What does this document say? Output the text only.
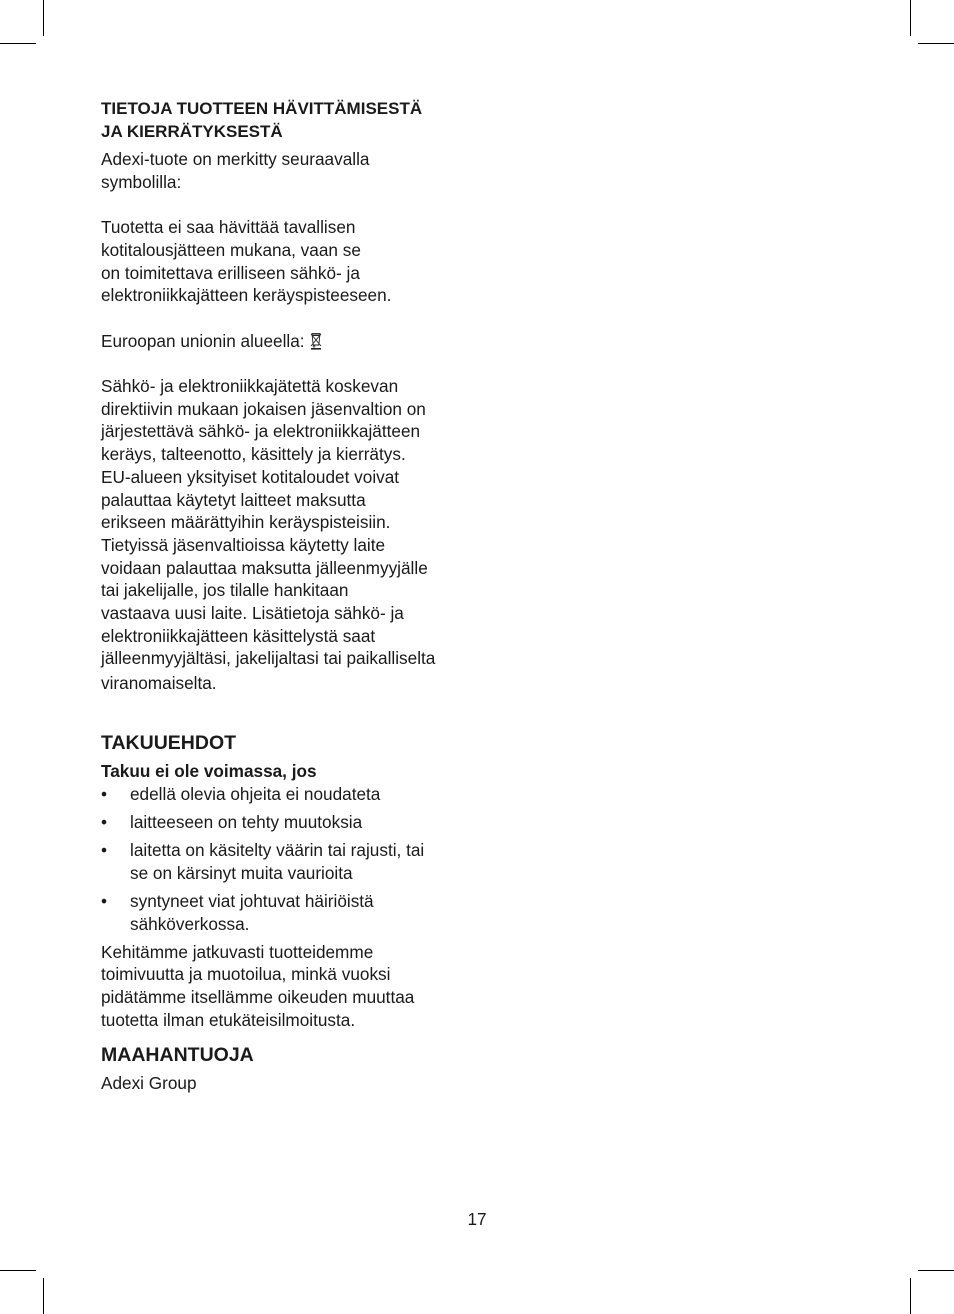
TIETOJA TUOTTEEN HÄVITTÄMISESTÄ
JA KIERRÄTYKSESTÄ
Adexi-tuote on merkitty seuraavalla
symbolilla:
Tuotetta ei saa hävittää tavallisen
kotitalousjätteen mukana, vaan se
on toimitettava erilliseen sähkö- ja
elektroniikkajätteen keräyspisteeseen.
Euroopan unionin alueella:
Sähkö- ja elektroniikkajätettä koskevan
direktiivin mukaan jokaisen jäsenvaltion on
järjestettävä sähkö- ja elektroniikkajätteen
keräys, talteenotto, käsittely ja kierrätys.
EU-alueen yksityiset kotitaloudet voivat
palauttaa käytetyt laitteet maksutta
erikseen määrättyihin keräyspisteisiin.
Tietyissä jäsenvaltioissa käytetty laite
voidaan palauttaa maksutta jälleenmyyjälle
tai jakelijalle, jos tilalle hankitaan
vastaava uusi laite. Lisätietoja sähkö- ja
elektroniikkajätteen käsittelystä saat
jälleenmyyjältäsi, jakelijaltasi tai paikalliselta
viranomaiselta.
TAKUUEHDOT
Takuu ei ole voimassa, jos
• edellä olevia ohjeita ei noudateta
• laitteeseen on tehty muutoksia
• laitetta on käsitelty väärin tai rajusti, tai
se on kärsinyt muita vaurioita
• syntyneet viat johtuvat häiriöistä
sähköverkossa.
Kehitämme jatkuvasti tuotteidemme
toimivuutta ja muotoilua, minkä vuoksi
pidätämme itsellämme oikeuden muuttaa
tuotetta ilman etukäteisilmoitusta.
MAAHANTUOJA
Adexi Group
17
